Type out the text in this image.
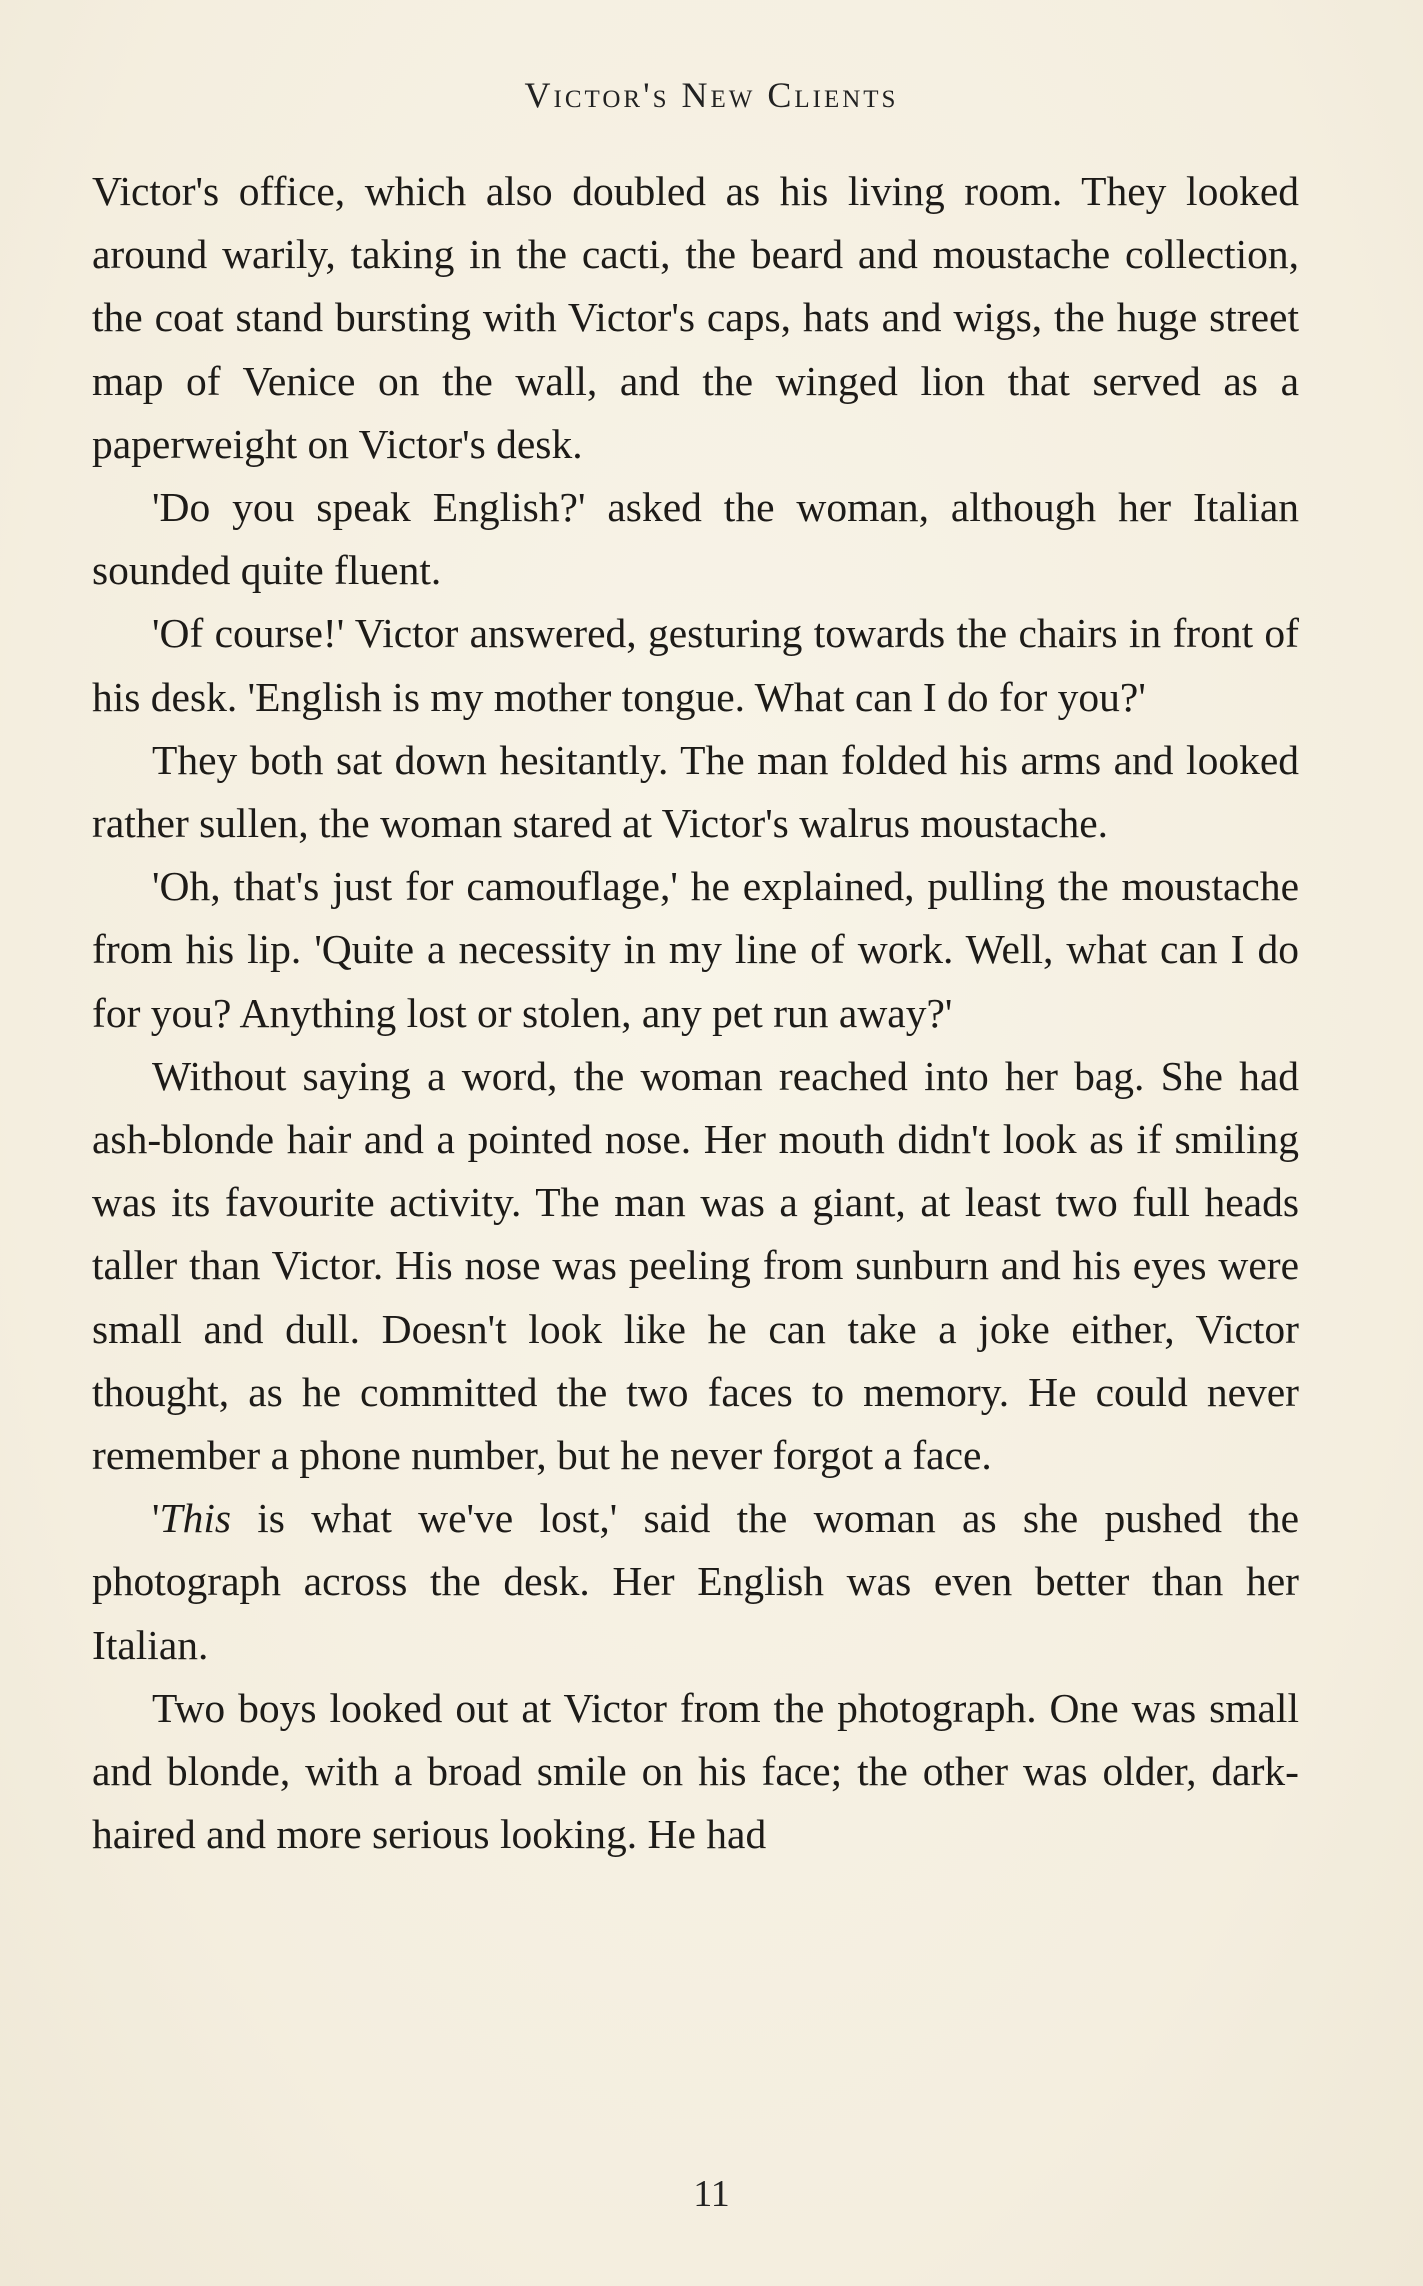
Victor's New Clients

Victor's office, which also doubled as his living room. They looked around warily, taking in the cacti, the beard and moustache collection, the coat stand bursting with Victor's caps, hats and wigs, the huge street map of Venice on the wall, and the winged lion that served as a paperweight on Victor's desk.

'Do you speak English?' asked the woman, although her Italian sounded quite fluent.

'Of course!' Victor answered, gesturing towards the chairs in front of his desk. 'English is my mother tongue. What can I do for you?'

They both sat down hesitantly. The man folded his arms and looked rather sullen, the woman stared at Victor's walrus moustache.

'Oh, that's just for camouflage,' he explained, pulling the moustache from his lip. 'Quite a necessity in my line of work. Well, what can I do for you? Anything lost or stolen, any pet run away?'

Without saying a word, the woman reached into her bag. She had ash-blonde hair and a pointed nose. Her mouth didn't look as if smiling was its favourite activity. The man was a giant, at least two full heads taller than Victor. His nose was peeling from sunburn and his eyes were small and dull. Doesn't look like he can take a joke either, Victor thought, as he committed the two faces to memory. He could never remember a phone number, but he never forgot a face.

'This is what we've lost,' said the woman as she pushed the photograph across the desk. Her English was even better than her Italian.

Two boys looked out at Victor from the photograph. One was small and blonde, with a broad smile on his face; the other was older, dark-haired and more serious looking. He had

11
